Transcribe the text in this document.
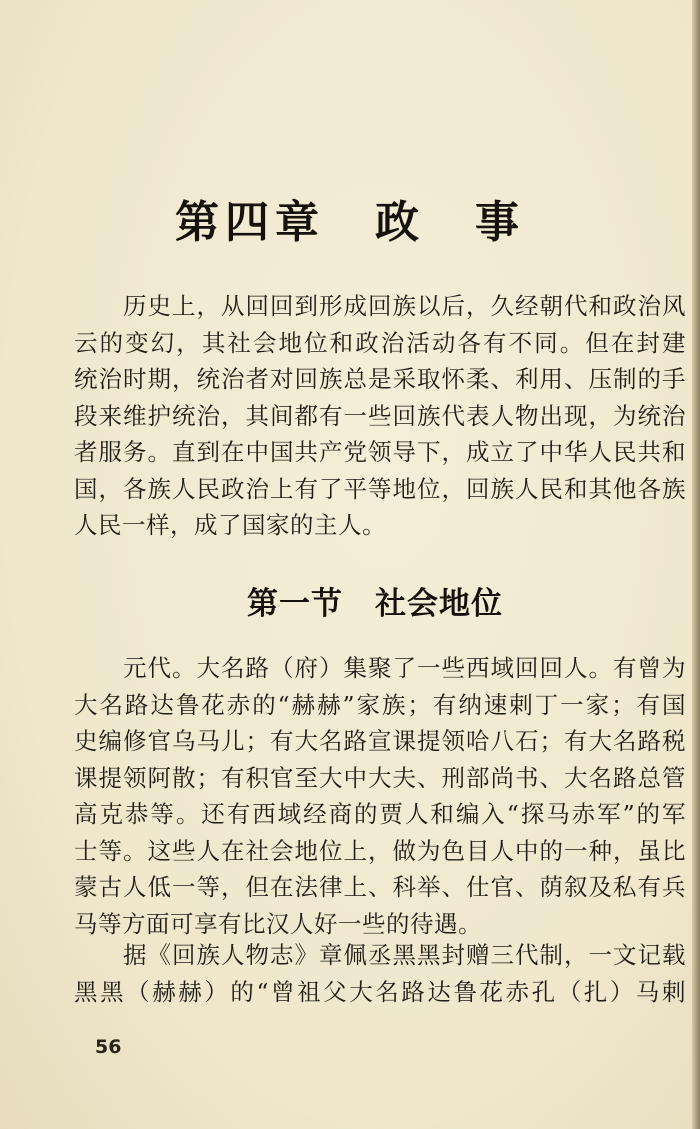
第四章　政　事

　　历史上，从回回到形成回族以后，久经朝代和政治风
云的变幻，其社会地位和政治活动各有不同。但在封建
统治时期，统治者对回族总是采取怀柔、利用、压制的手
段来维护统治，其间都有一些回族代表人物出现，为统治
者服务。直到在中国共产党领导下，成立了中华人民共和
国，各族人民政治上有了平等地位，回族人民和其他各族
人民一样，成了国家的主人。

第一节　社会地位

　　元代。大名路（府）集聚了一些西域回回人。有曾为
大名路达鲁花赤的“赫赫”家族；有纳速剌丁一家；有国
史编修官乌马儿；有大名路宣课提领哈八石；有大名路税
课提领阿散；有积官至大中大夫、刑部尚书、大名路总管
高克恭等。还有西域经商的贾人和编入“探马赤军”的军
士等。这些人在社会地位上，做为色目人中的一种，虽比
蒙古人低一等，但在法律上、科举、仕官、荫叙及私有兵
马等方面可享有比汉人好一些的待遇。

　　据《回族人物志》章佩丞黑黑封赠三代制，一文记载
黑黑（赫赫）的“曾祖父大名路达鲁花赤孔（扎）马剌

56
